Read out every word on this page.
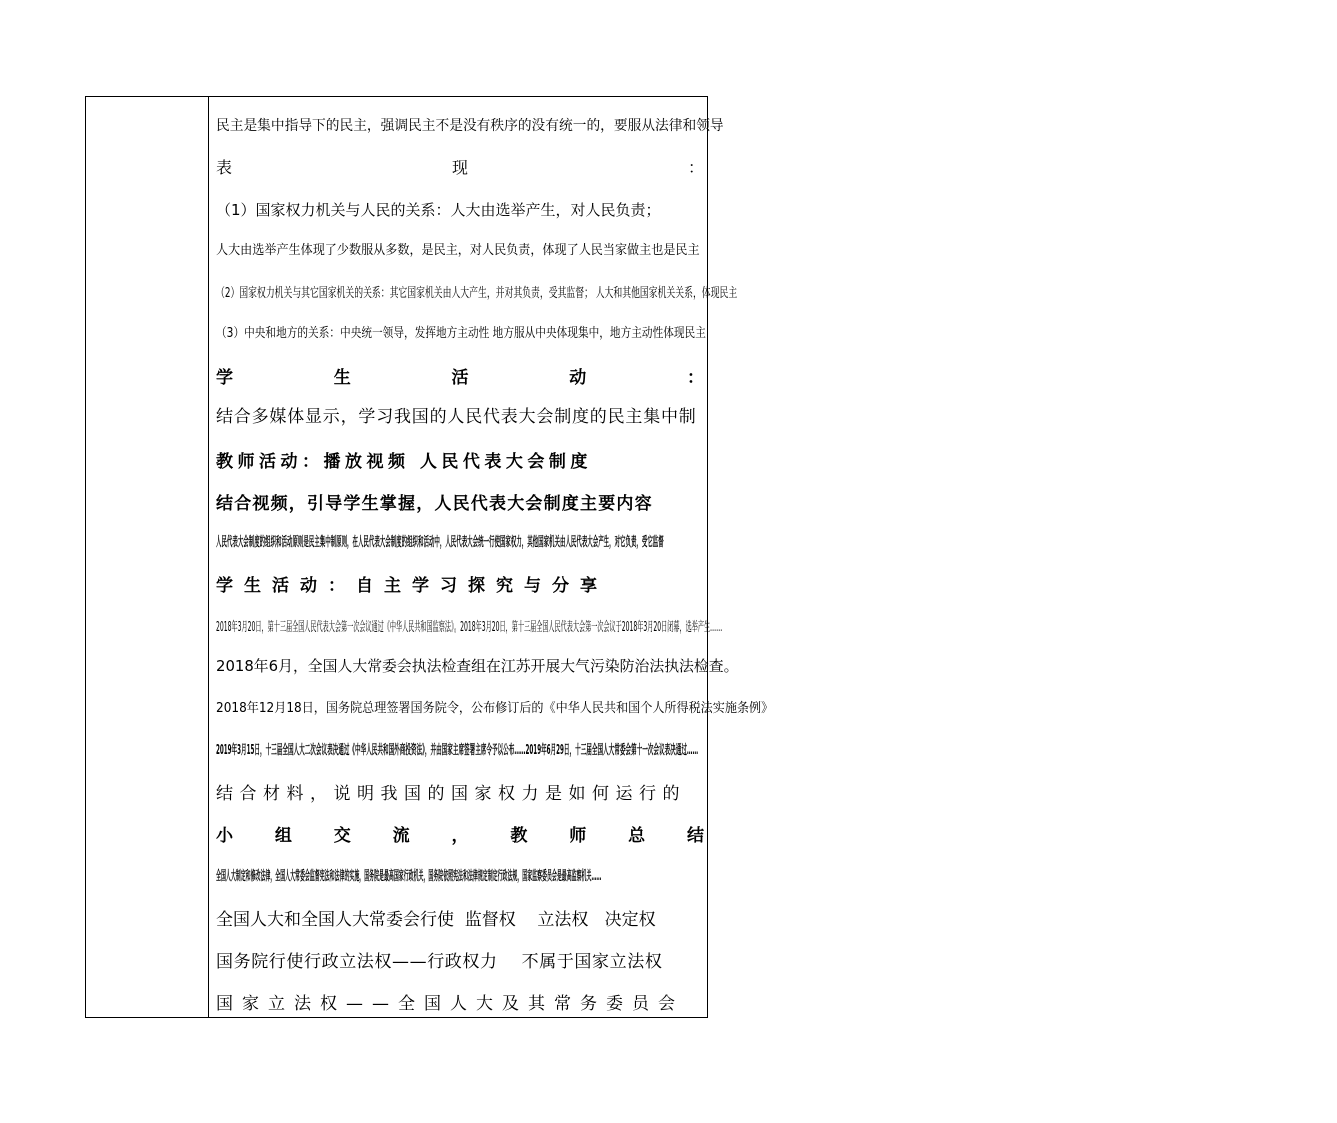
民主是集中指导下的民主，强调民主不是没有秩序的没有统一的，要服从法律和领导
表	现	：
（1）国家权力机关与人民的关系：人大由选举产生，对人民负责；
人大由选举产生体现了少数服从多数，是民主，对人民负责，体现了人民当家做主也是民主
（2）国家权力机关与其它国家机关的关系：其它国家机关由人大产生，并对其负责，受其监督； 人大和其他国家机关关系，体现民主
（3）中央和地方的关系：中央统一领导，发挥地方主动性 地方服从中央体现集中，地方主动性体现民主
学	生	活	动	：
结合多媒体显示，学习我国的人民代表大会制度的民主集中制
教师活动：播放视频 人民代表大会制度
结合视频，引导学生掌握，人民代表大会制度主要内容
人民代表大会制度的组织和活动原则是民主集中制原则，在人民代表大会制度的组织和活动中，人民代表大会统一行使国家权力，其他国家机关由人民代表大会产生，对它负责，受它监督
学生活动：自主学习探究与分享
2018年3月20日，第十三届全国人民代表大会第一次会议通过《中华人民共和国监察法》。2018年3月20日，第十三届全国人民代表大会第一次会议于2018年3月20日闭幕，选举产生……
2018年6月，全国人大常委会执法检查组在江苏开展大气污染防治法执法检查。
2018年12月18日，国务院总理签署国务院令，公布修订后的《中华人民共和国个人所得税法实施条例》
2019年3月15日，十三届全国人大二次会议表决通过《中华人民共和国外商投资法》，并由国家主席签署主席令予以公布……2019年6月29日，十三届全国人大常委会第十一次会议表决通过……
结合材料，说明我国的国家权力是如何运行的
小 组 交 流 ， 教 师 总 结
全国人大制定和修改法律，全国人大常委会监督宪法和法律的实施，国务院是最高国家行政机关，国务院依照宪法和法律规定制定行政法规，国家监察委员会是最高监察机关……
全国人大和全国人大常委会行使  监督权    立法权   决定权
国务院行使行政立法权——行政权力    不属于国家立法权
国家立法权——全国人大及其常务委员会
